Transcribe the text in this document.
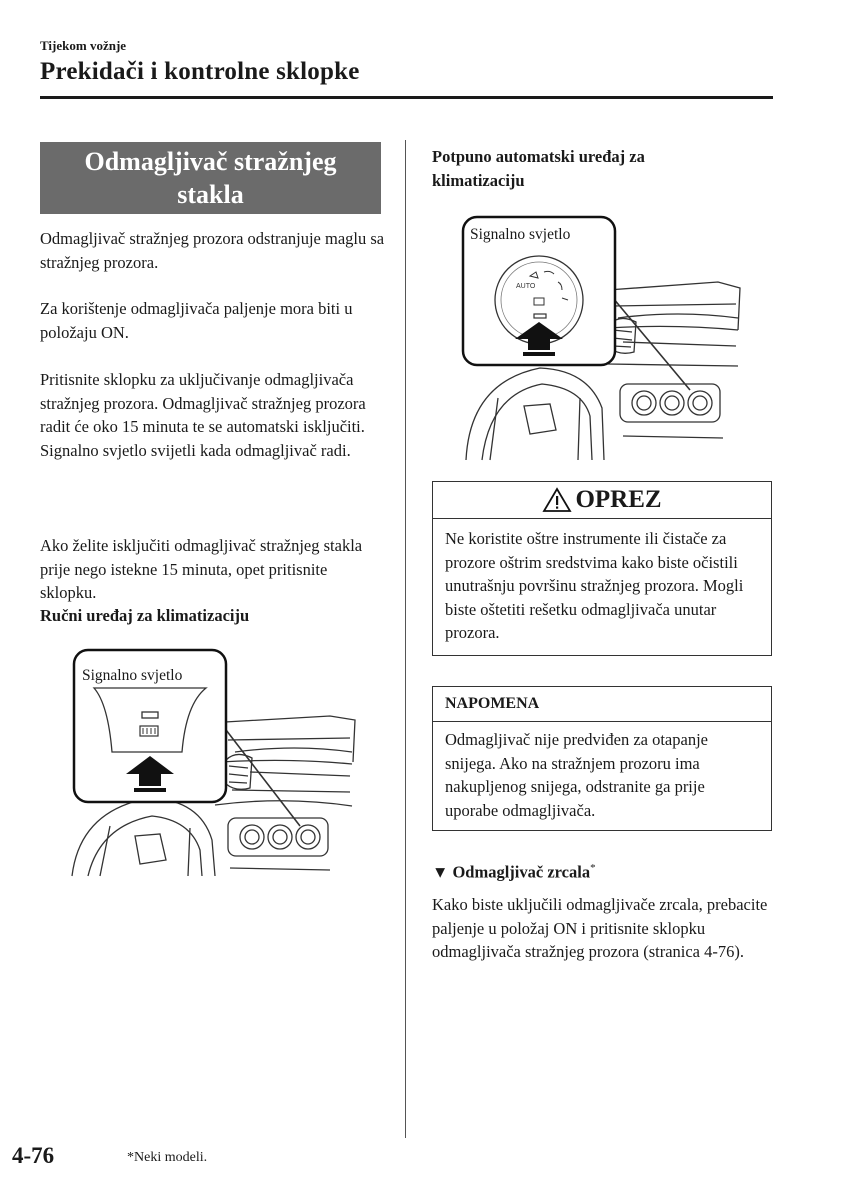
Tijekom vožnje
Prekidači i kontrolne sklopke
Odmagljivač stražnjeg stakla

Odmagljivač stražnjeg prozora odstranjuje maglu sa stražnjeg prozora.

Za korištenje odmagljivača paljenje mora biti u položaju ON.

Pritisnite sklopku za uključivanje odmagljivača stražnjeg prozora. Odmagljivač stražnjeg prozora radit će oko 15 minuta te se automatski isključiti. Signalno svjetlo svijetli kada odmagljivač radi.

Ako želite isključiti odmagljivač stražnjeg stakla prije nego istekne 15 minuta, opet pritisnite sklopku.

Ručni uređaj za klimatizaciju

Signalno svjetlo

Potpuno automatski uređaj za klimatizaciju

AUTO
Signalno svjetlo
OPREZ
Ne koristite oštre instrumente ili čistače za prozore oštrim sredstvima kako biste očistili unutrašnju površinu stražnjeg prozora. Mogli biste oštetiti rešetku odmagljivača unutar prozora.
NAPOMENA
Odmagljivač nije predviđen za otapanje snijega. Ako na stražnjem prozoru ima nakupljenog snijega, odstranite ga prije uporabe odmagljivača.
▼ Odmagljivač zrcala*

Kako biste uključili odmagljivače zrcala, prebacite paljenje u položaj ON i pritisnite sklopku odmagljivača stražnjeg prozora (stranica 4-76).

4-76	*Neki modeli.
